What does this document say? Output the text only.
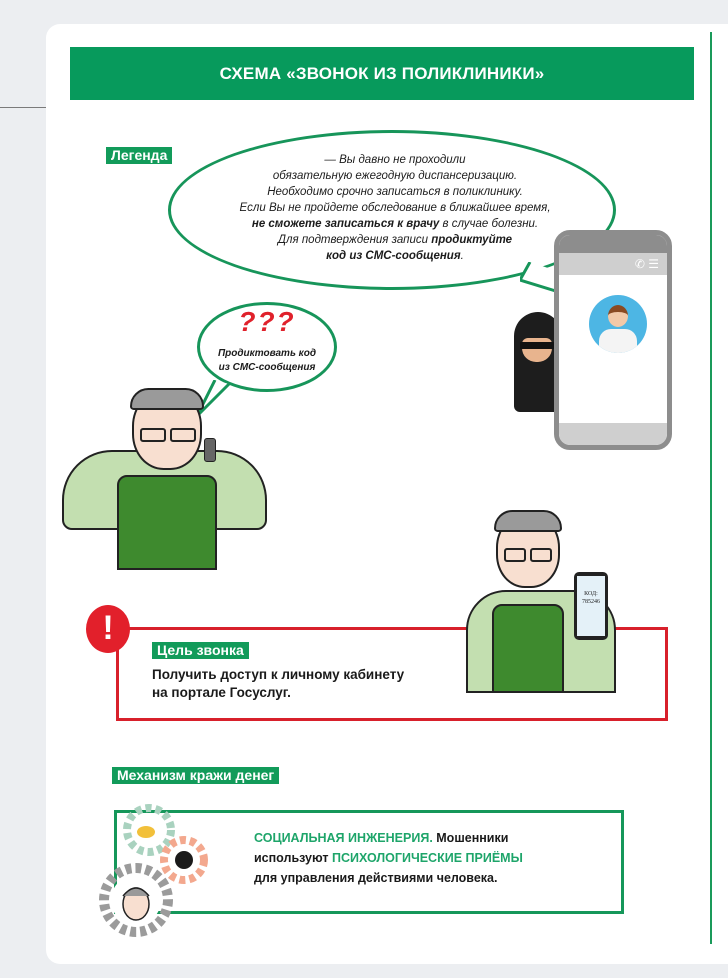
СХЕМА «ЗВОНОК ИЗ ПОЛИКЛИНИКИ»
Легенда	— Вы давно не проходили
обязательную ежегодную диспансеризацию.
Необходимо срочно записаться в поликлинику.
Если Вы не пройдете обследование в ближайшее время,
не сможете записаться к врачу в случае болезни.
Для подтверждения записи продиктуйте
код из СМС-сообщения.
???
Продиктовать код
из СМС-сообщения
✆ ☰
!
Цель звонка
Получить доступ к личному кабинету
на портале Госуслуг.
КОД:
785246
Механизм кражи денег
СОЦИАЛЬНАЯ ИНЖЕНЕРИЯ. Мошенники
используют ПСИХОЛОГИЧЕСКИЕ ПРИЁМЫ
для управления действиями человека.
